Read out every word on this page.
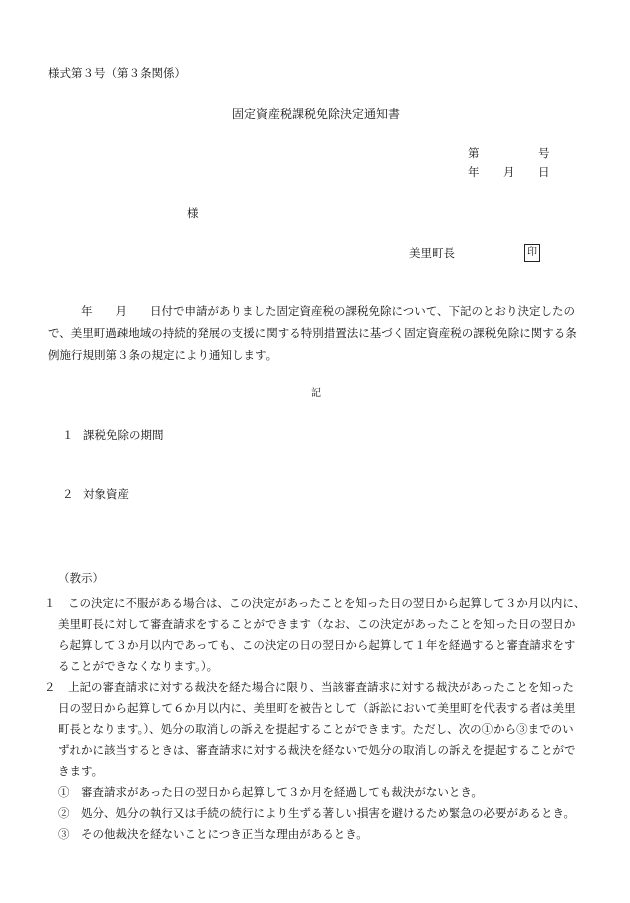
様式第３号（第３条関係）
固定資産税課税免除決定通知書
第	号
年 月 日
様
美里町長	印
年　　月　　日付で申請がありました固定資産税の課税免除について、下記のとおり決定したの
で、美里町過疎地域の持続的発展の支援に関する特別措置法に基づく固定資産税の課税免除に関する条
例施行規則第３条の規定により通知します。
記
１ 課税免除の期間
２ 対象資産
（教示）
１ この決定に不服がある場合は、この決定があったことを知った日の翌日から起算して３か月以内に、
美里町長に対して審査請求をすることができます（なお、この決定があったことを知った日の翌日か
ら起算して３か月以内であっても、この決定の日の翌日から起算して１年を経過すると審査請求をす
ることができなくなります。）。
２ 上記の審査請求に対する裁決を経た場合に限り、当該審査請求に対する裁決があったことを知った
日の翌日から起算して６か月以内に、美里町を被告として（訴訟において美里町を代表する者は美里
町長となります。）、処分の取消しの訴えを提起することができます。ただし、次の①から③までのい
ずれかに該当するときは、審査請求に対する裁決を経ないで処分の取消しの訴えを提起することがで
きます。
①　審査請求があった日の翌日から起算して３か月を経過しても裁決がないとき。
②　処分、処分の執行又は手続の続行により生ずる著しい損害を避けるため緊急の必要があるとき。
③　その他裁決を経ないことにつき正当な理由があるとき。
